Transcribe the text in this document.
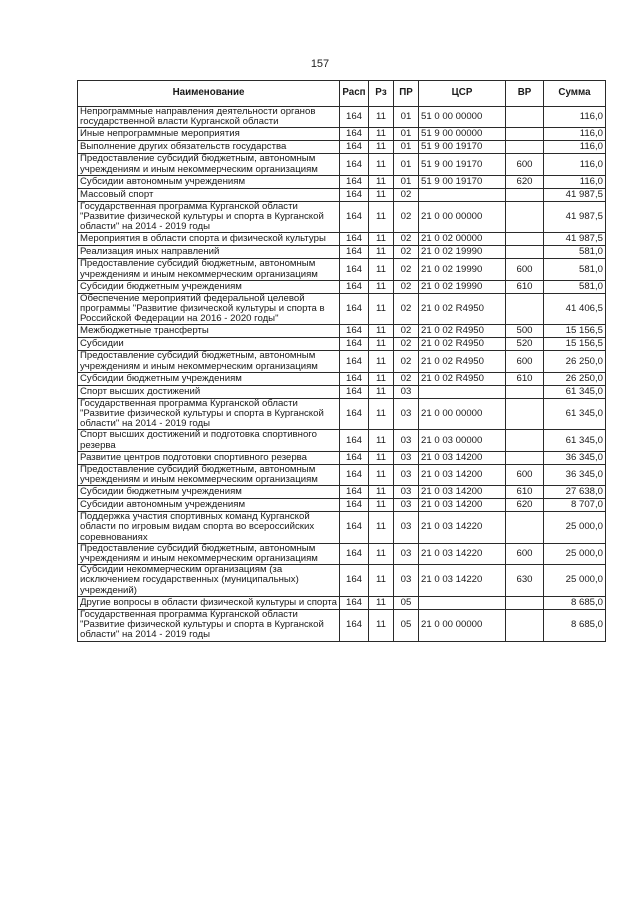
157
Наименование	Расп	Рз	ПР	ЦСР	ВР	Сумма
Непрограммные направления деятельности органов государственной власти Курганской области	164	11	01	51 0 00 00000		116,0
Иные непрограммные мероприятия	164	11	01	51 9 00 00000		116,0
Выполнение других обязательств государства	164	11	01	51 9 00 19170		116,0
Предоставление субсидий бюджетным, автономным учреждениям и иным некоммерческим организациям	164	11	01	51 9 00 19170	600	116,0
Субсидии автономным учреждениям	164	11	01	51 9 00 19170	620	116,0
Массовый спорт	164	11	02			41 987,5
Государственная программа Курганской области "Развитие физической культуры и спорта в Курганской области" на 2014 - 2019 годы	164	11	02	21 0 00 00000		41 987,5
Мероприятия в области спорта и физической культуры	164	11	02	21 0 02 00000		41 987,5
Реализация иных направлений	164	11	02	21 0 02 19990		581,0
Предоставление субсидий бюджетным, автономным учреждениям и иным некоммерческим организациям	164	11	02	21 0 02 19990	600	581,0
Субсидии бюджетным учреждениям	164	11	02	21 0 02 19990	610	581,0
Обеспечение мероприятий федеральной целевой программы "Развитие физической культуры и спорта в Российской Федерации на 2016 - 2020 годы"	164	11	02	21 0 02 R4950		41 406,5
Межбюджетные трансферты	164	11	02	21 0 02 R4950	500	15 156,5
Субсидии	164	11	02	21 0 02 R4950	520	15 156,5
Предоставление субсидий бюджетным, автономным учреждениям и иным некоммерческим организациям	164	11	02	21 0 02 R4950	600	26 250,0
Субсидии бюджетным учреждениям	164	11	02	21 0 02 R4950	610	26 250,0
Спорт высших достижений	164	11	03			61 345,0
Государственная программа Курганской области "Развитие физической культуры и спорта в Курганской области" на 2014 - 2019 годы	164	11	03	21 0 00 00000		61 345,0
Спорт высших достижений и подготовка спортивного резерва	164	11	03	21 0 03 00000		61 345,0
Развитие центров подготовки спортивного резерва	164	11	03	21 0 03 14200		36 345,0
Предоставление субсидий бюджетным, автономным учреждениям и иным некоммерческим организациям	164	11	03	21 0 03 14200	600	36 345,0
Субсидии бюджетным учреждениям	164	11	03	21 0 03 14200	610	27 638,0
Субсидии автономным учреждениям	164	11	03	21 0 03 14200	620	8 707,0
Поддержка участия спортивных команд Курганской области по игровым видам спорта во всероссийских соревнованиях	164	11	03	21 0 03 14220		25 000,0
Предоставление субсидий бюджетным, автономным учреждениям и иным некоммерческим организациям	164	11	03	21 0 03 14220	600	25 000,0
Субсидии некоммерческим организациям (за исключением государственных (муниципальных) учреждений)	164	11	03	21 0 03 14220	630	25 000,0
Другие вопросы в области физической культуры и спорта	164	11	05			8 685,0
Государственная программа Курганской области "Развитие физической культуры и спорта в Курганской области" на 2014 - 2019 годы	164	11	05	21 0 00 00000		8 685,0
